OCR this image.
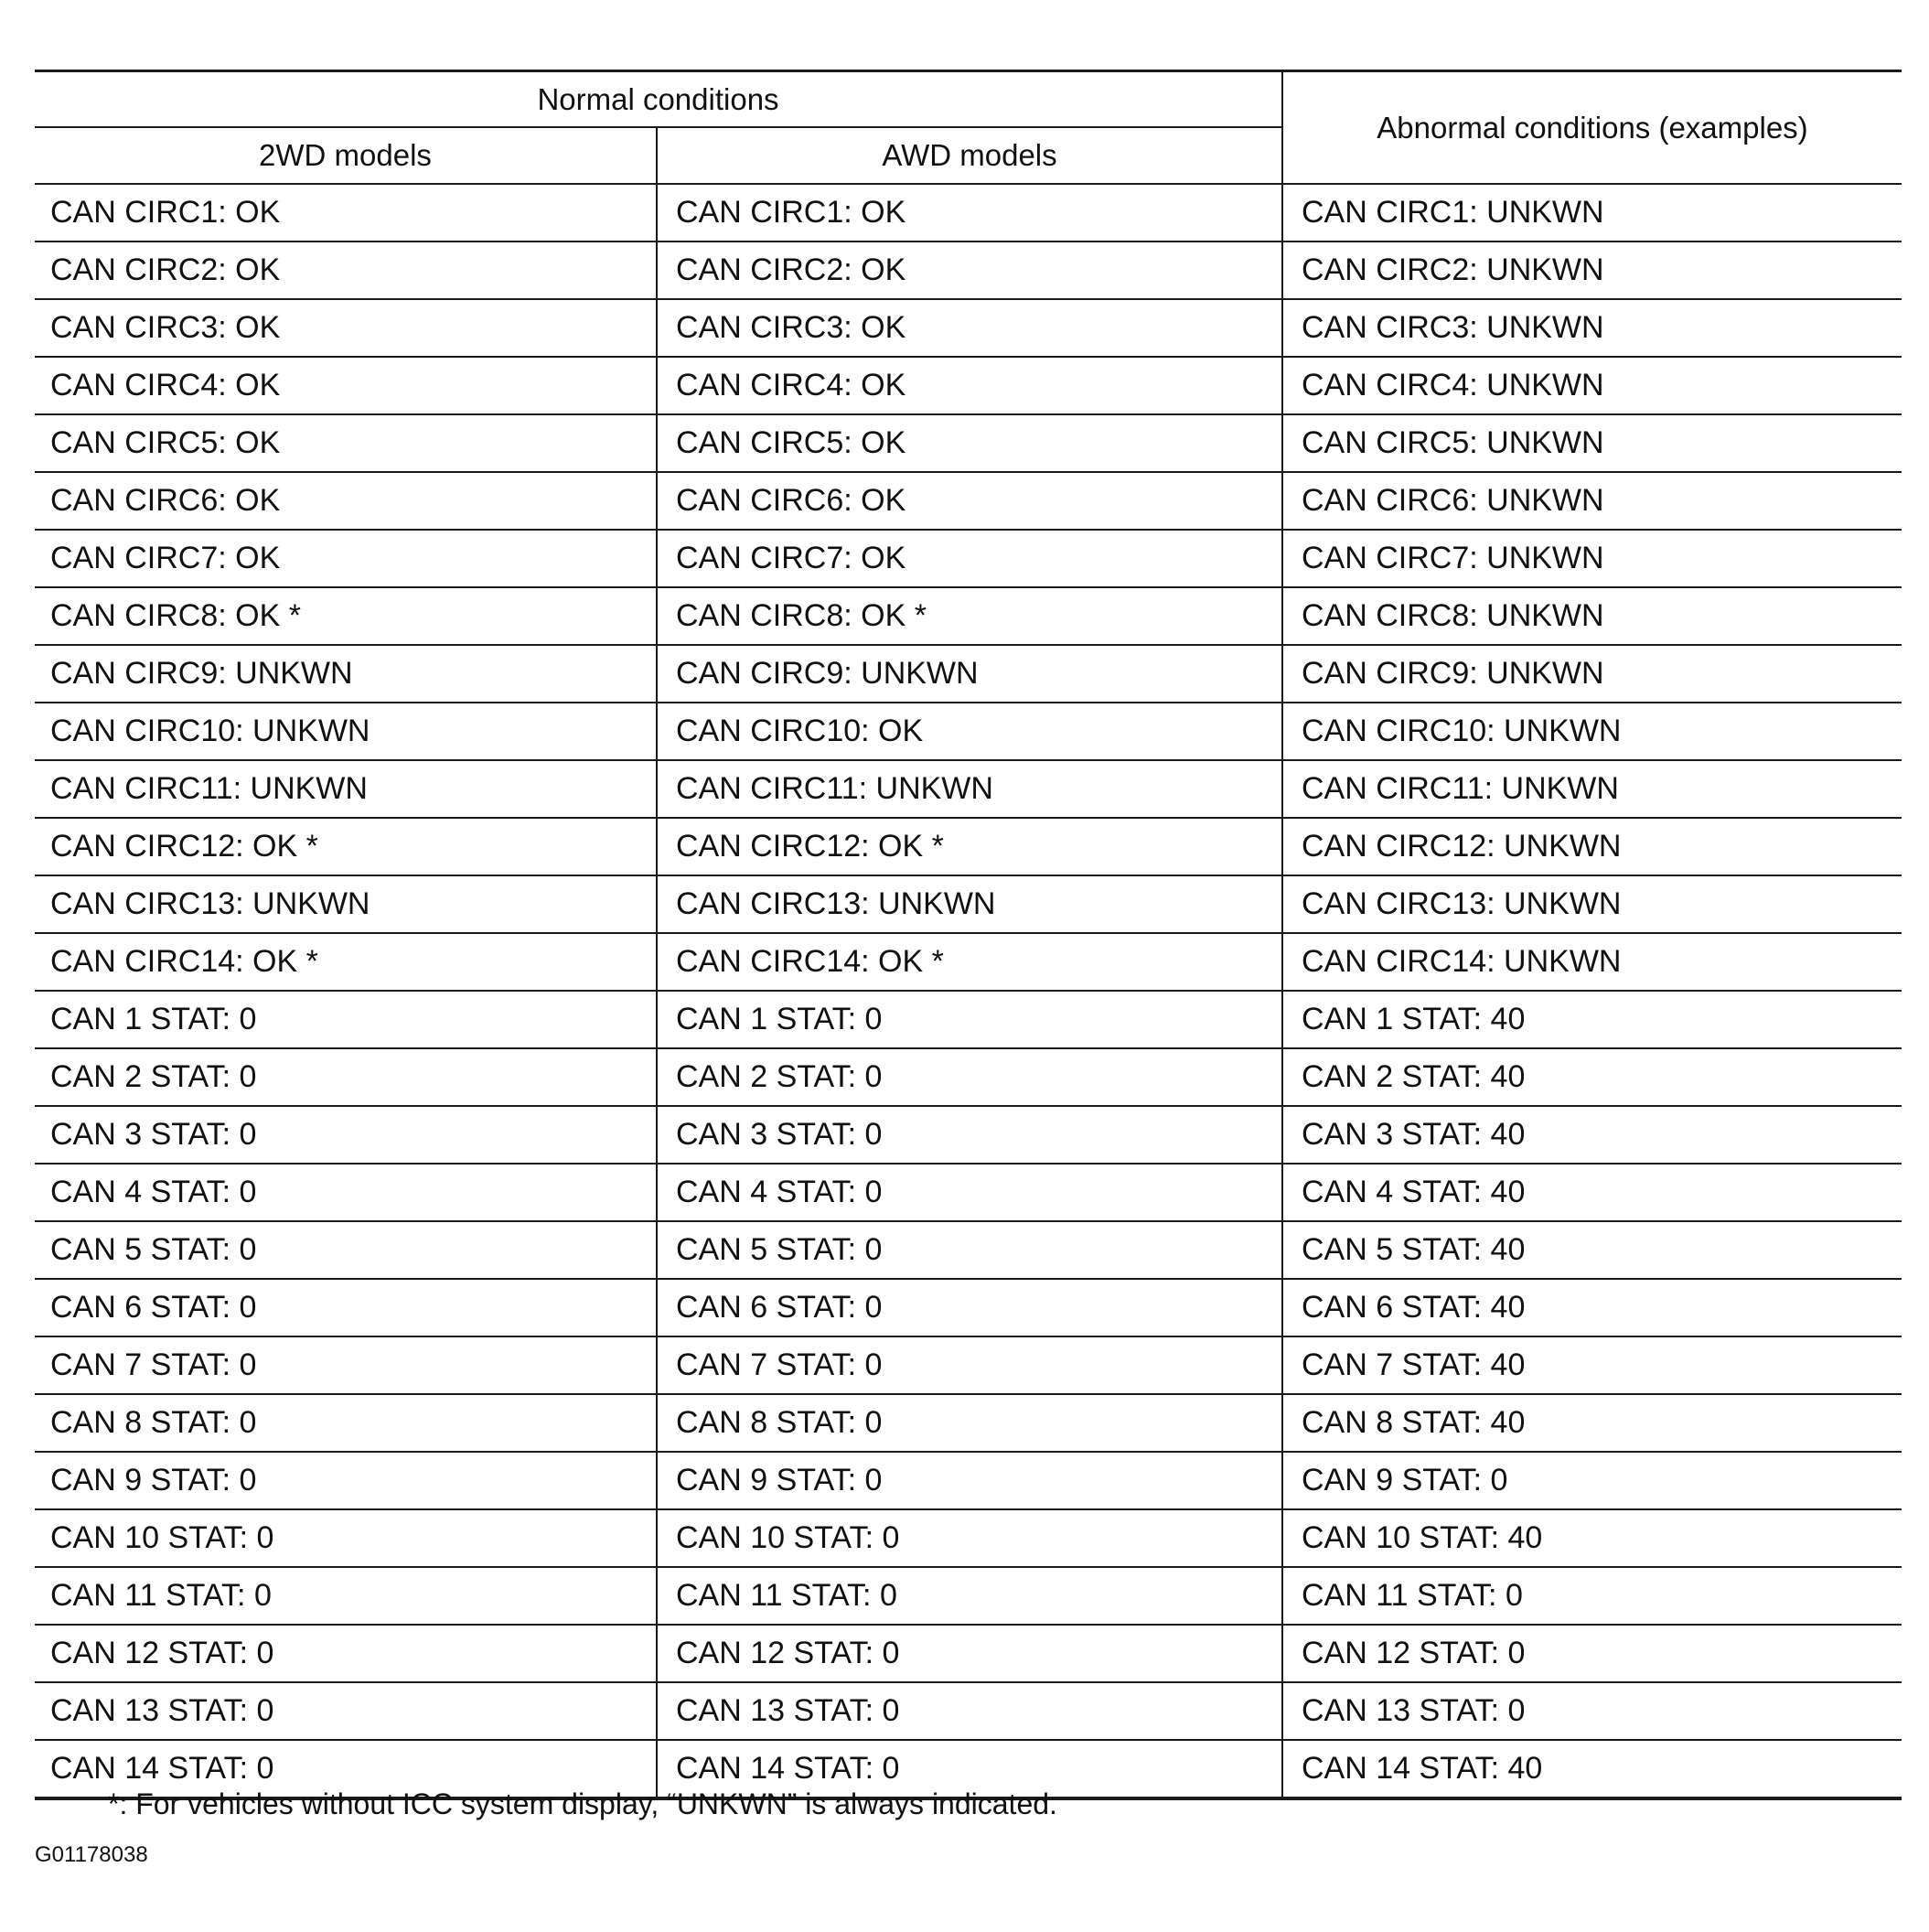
Normal conditions		Abnormal conditions (examples)
2WD models	AWD models	
CAN CIRC1: OK	CAN CIRC1: OK	CAN CIRC1: UNKWN
CAN CIRC2: OK	CAN CIRC2: OK	CAN CIRC2: UNKWN
CAN CIRC3: OK	CAN CIRC3: OK	CAN CIRC3: UNKWN
CAN CIRC4: OK	CAN CIRC4: OK	CAN CIRC4: UNKWN
CAN CIRC5: OK	CAN CIRC5: OK	CAN CIRC5: UNKWN
CAN CIRC6: OK	CAN CIRC6: OK	CAN CIRC6: UNKWN
CAN CIRC7: OK	CAN CIRC7: OK	CAN CIRC7: UNKWN
CAN CIRC8: OK *	CAN CIRC8: OK *	CAN CIRC8: UNKWN
CAN CIRC9: UNKWN	CAN CIRC9: UNKWN	CAN CIRC9: UNKWN
CAN CIRC10: UNKWN	CAN CIRC10: OK	CAN CIRC10: UNKWN
CAN CIRC11: UNKWN	CAN CIRC11: UNKWN	CAN CIRC11: UNKWN
CAN CIRC12: OK *	CAN CIRC12: OK *	CAN CIRC12: UNKWN
CAN CIRC13: UNKWN	CAN CIRC13: UNKWN	CAN CIRC13: UNKWN
CAN CIRC14: OK *	CAN CIRC14: OK *	CAN CIRC14: UNKWN
CAN 1 STAT: 0	CAN 1 STAT: 0	CAN 1 STAT: 40
CAN 2 STAT: 0	CAN 2 STAT: 0	CAN 2 STAT: 40
CAN 3 STAT: 0	CAN 3 STAT: 0	CAN 3 STAT: 40
CAN 4 STAT: 0	CAN 4 STAT: 0	CAN 4 STAT: 40
CAN 5 STAT: 0	CAN 5 STAT: 0	CAN 5 STAT: 40
CAN 6 STAT: 0	CAN 6 STAT: 0	CAN 6 STAT: 40
CAN 7 STAT: 0	CAN 7 STAT: 0	CAN 7 STAT: 40
CAN 8 STAT: 0	CAN 8 STAT: 0	CAN 8 STAT: 40
CAN 9 STAT: 0	CAN 9 STAT: 0	CAN 9 STAT: 0
CAN 10 STAT: 0	CAN 10 STAT: 0	CAN 10 STAT: 40
CAN 11 STAT: 0	CAN 11 STAT: 0	CAN 11 STAT: 0
CAN 12 STAT: 0	CAN 12 STAT: 0	CAN 12 STAT: 0
CAN 13 STAT: 0	CAN 13 STAT: 0	CAN 13 STAT: 0
CAN 14 STAT: 0	CAN 14 STAT: 0	CAN 14 STAT: 40
*: For vehicles without ICC system display, “UNKWN” is always indicated.
G01178038
